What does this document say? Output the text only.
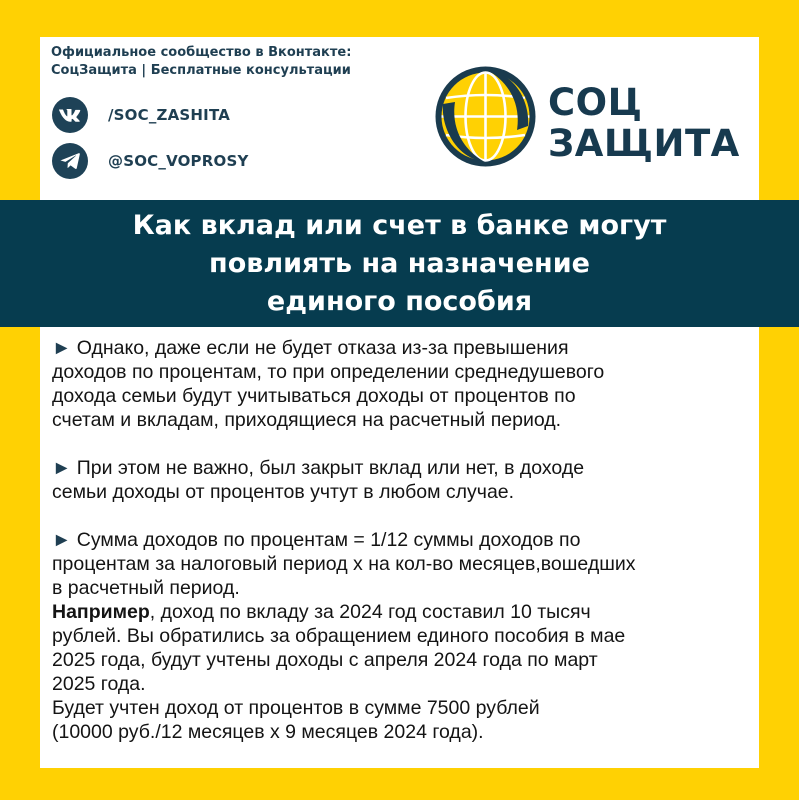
Официальное сообщество в Вконтакте:
СоцЗащита | Бесплатные консультации
/SOC_ZASHITA
@SOC_VOPROSY
СОЦ
ЗАЩИТА
Как вклад или счет в банке могут
повлиять на назначение
единого пособия
► Однако, даже если не будет отказа из-за превышения
доходов по процентам, то при определении среднедушевого
дохода семьи будут учитываться доходы от процентов по
счетам и вкладам, приходящиеся на расчетный период.
► При этом не важно, был закрыт вклад или нет, в доходе
семьи доходы от процентов учтут в любом случае.
► Сумма доходов по процентам = 1/12 суммы доходов по
процентам за налоговый период х на кол-во месяцев,вошедших
в расчетный период.
Например, доход по вкладу за 2024 год составил 10 тысяч
рублей. Вы обратились за обращением единого пособия в мае
2025 года, будут учтены доходы с апреля 2024 года по март
2025 года.
Будет учтен доход от процентов в сумме 7500 рублей
(10000 руб./12 месяцев х 9 месяцев 2024 года).
